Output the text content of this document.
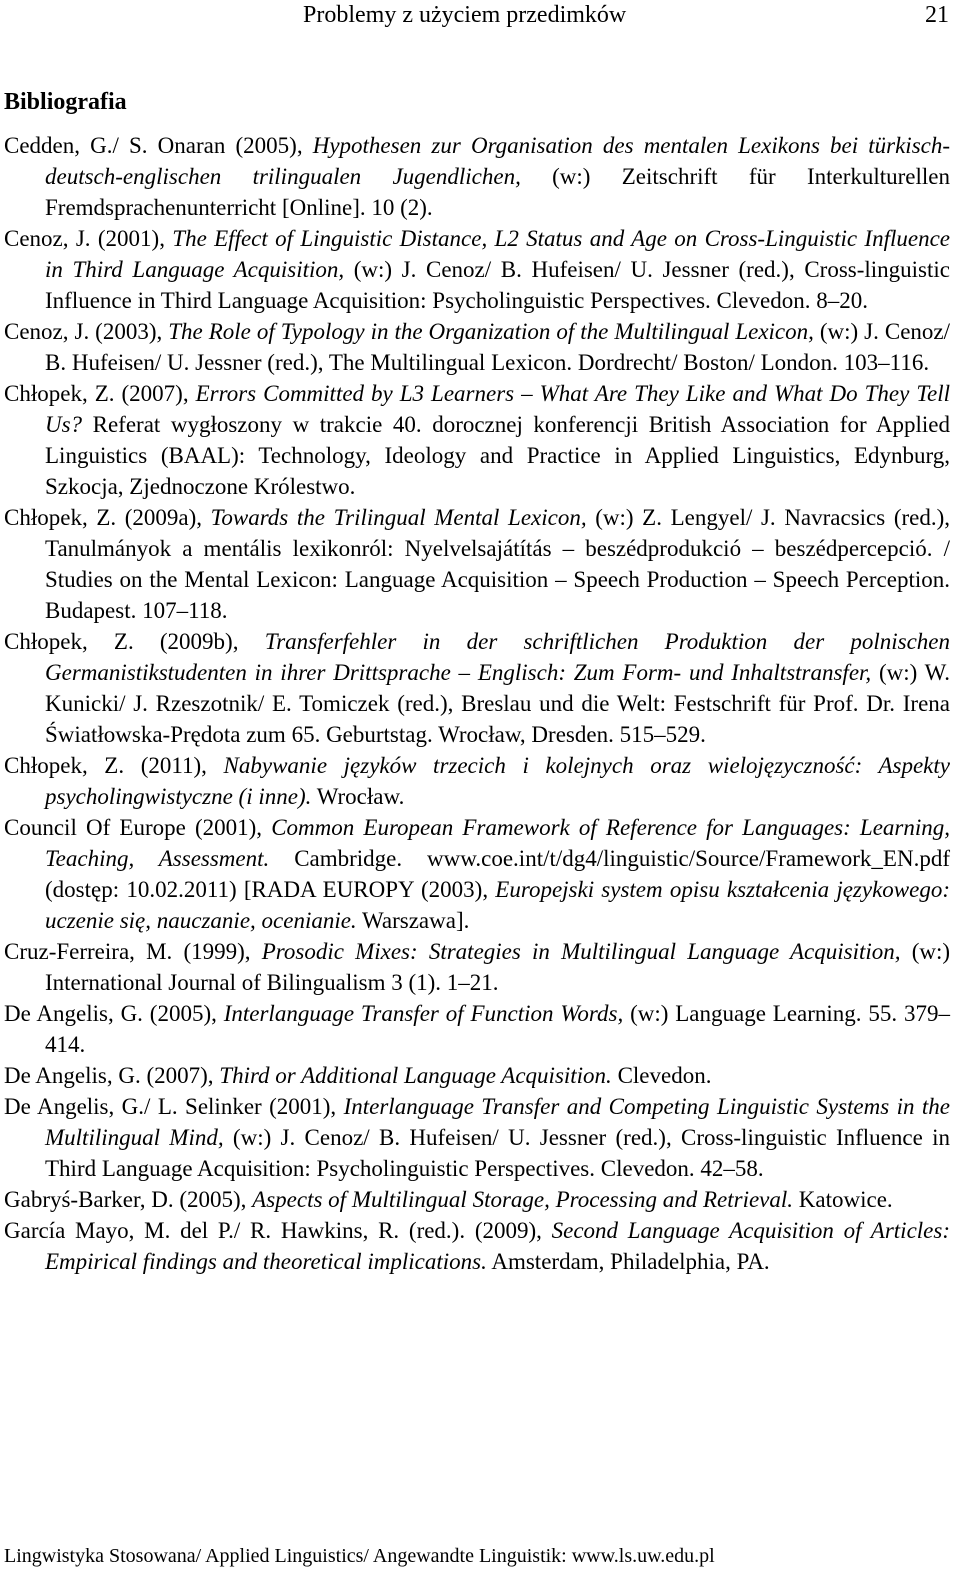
Problemy z użyciem przedimków	21
Bibliografia
Cedden, G./ S. Onaran (2005), Hypothesen zur Organisation des mentalen Lexikons bei türkisch-deutsch-englischen trilingualen Jugendlichen, (w:) Zeitschrift für Interkulturellen Fremdsprachenunterricht [Online]. 10 (2).
Cenoz, J. (2001), The Effect of Linguistic Distance, L2 Status and Age on Cross-Linguistic Influence in Third Language Acquisition, (w:) J. Cenoz/ B. Hufeisen/ U. Jessner (red.), Cross-linguistic Influence in Third Language Acquisition: Psycholinguistic Perspectives. Clevedon. 8–20.
Cenoz, J. (2003), The Role of Typology in the Organization of the Multilingual Lexicon, (w:) J. Cenoz/ B. Hufeisen/ U. Jessner (red.), The Multilingual Lexicon. Dordrecht/ Boston/ London. 103–116.
Chłopek, Z. (2007), Errors Committed by L3 Learners – What Are They Like and What Do They Tell Us? Referat wygłoszony w trakcie 40. dorocznej konferencji British Association for Applied Linguistics (BAAL): Technology, Ideology and Practice in Applied Linguistics, Edynburg, Szkocja, Zjednoczone Królestwo.
Chłopek, Z. (2009a), Towards the Trilingual Mental Lexicon, (w:) Z. Lengyel/ J. Navracsics (red.), Tanulmányok a mentális lexikonról: Nyelvelsajátítás – beszédprodukció – beszédpercepció. / Studies on the Mental Lexicon: Language Acquisition – Speech Production – Speech Perception. Budapest. 107–118.
Chłopek, Z. (2009b), Transferfehler in der schriftlichen Produktion der polnischen Germanistikstudenten in ihrer Drittsprache – Englisch: Zum Form- und Inhaltstransfer, (w:) W. Kunicki/ J. Rzeszotnik/ E. Tomiczek (red.), Breslau und die Welt: Festschrift für Prof. Dr. Irena Światłowska-Prędota zum 65. Geburtstag. Wrocław, Dresden. 515–529.
Chłopek, Z. (2011), Nabywanie języków trzecich i kolejnych oraz wielojęzyczność: Aspekty psycholingwistyczne (i inne). Wrocław.
Council Of Europe (2001), Common European Framework of Reference for Languages: Learning, Teaching, Assessment. Cambridge. www.coe.int/t/dg4/linguistic/Source/Framework_EN.pdf (dostęp: 10.02.2011) [RADA EUROPY (2003), Europejski system opisu kształcenia językowego: uczenie się, nauczanie, ocenianie. Warszawa].
Cruz-Ferreira, M. (1999), Prosodic Mixes: Strategies in Multilingual Language Acquisition, (w:) International Journal of Bilingualism 3 (1). 1–21.
De Angelis, G. (2005), Interlanguage Transfer of Function Words, (w:) Language Learning. 55. 379–414.
De Angelis, G. (2007), Third or Additional Language Acquisition. Clevedon.
De Angelis, G./ L. Selinker (2001), Interlanguage Transfer and Competing Linguistic Systems in the Multilingual Mind, (w:) J. Cenoz/ B. Hufeisen/ U. Jessner (red.), Cross-linguistic Influence in Third Language Acquisition: Psycholinguistic Perspectives. Clevedon. 42–58.
Gabryś-Barker, D. (2005), Aspects of Multilingual Storage, Processing and Retrieval. Katowice.
García Mayo, M. del P./ R. Hawkins, R. (red.). (2009), Second Language Acquisition of Articles: Empirical findings and theoretical implications. Amsterdam, Philadelphia, PA.
Lingwistyka Stosowana/ Applied Linguistics/ Angewandte Linguistik: www.ls.uw.edu.pl
